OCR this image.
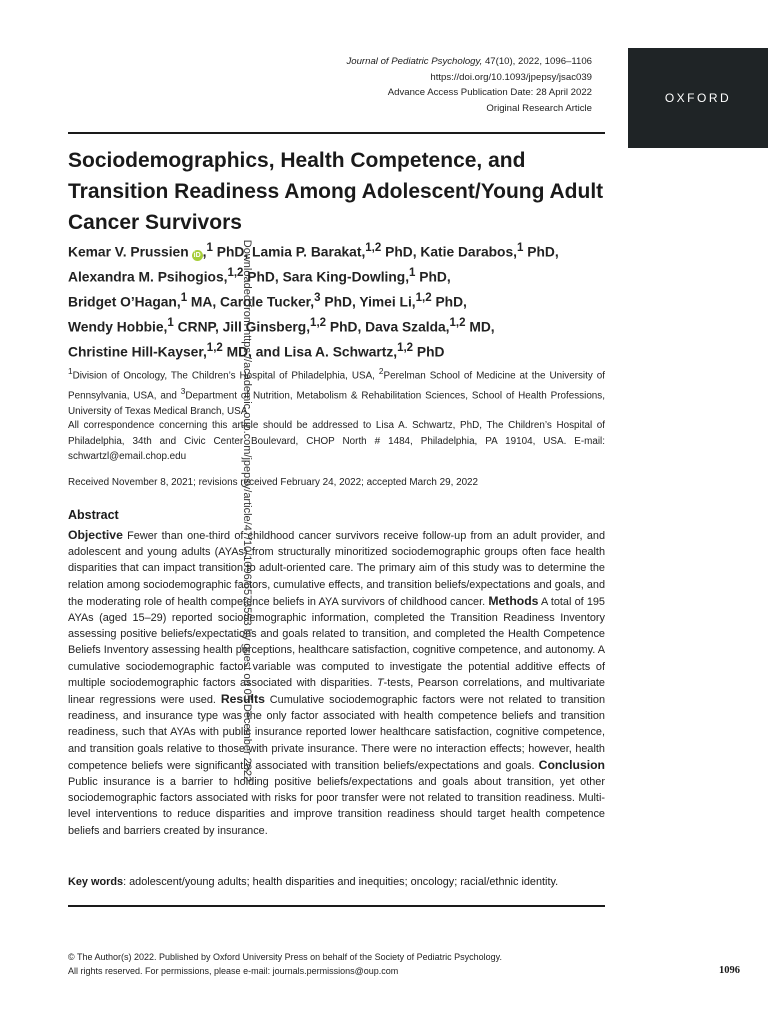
Journal of Pediatric Psychology, 47(10), 2022, 1096–1106
https://doi.org/10.1093/jpepsy/jsac039
Advance Access Publication Date: 28 April 2022
Original Research Article
OXFORD
Sociodemographics, Health Competence, and Transition Readiness Among Adolescent/Young Adult Cancer Survivors
Kemar V. Prussien iD ,$^1$ PhD, Lamia P. Barakat,$^{1,2}$ PhD, Katie Darabos,$^1$ PhD,
Alexandra M. Psihogios,$^{1,2}$ PhD, Sara King-Dowling,$^1$ PhD,
Bridget O’Hagan,$^1$ MA, Carole Tucker,$^3$ PhD, Yimei Li,$^{1,2}$ PhD,
Wendy Hobbie,$^1$ CRNP, Jill Ginsberg,$^{1,2}$ PhD, Dava Szalda,$^{1,2}$ MD,
Christine Hill-Kayser,$^{1,2}$ MD, and Lisa A. Schwartz,$^{1,2}$ PhD

$^1$Division of Oncology, The Children’s Hospital of Philadelphia, USA, $^2$Perelman School of Medicine at the University of Pennsylvania, USA, and $^3$Department of Nutrition, Metabolism & Rehabilitation Sciences, School of Health Professions, University of Texas Medical Branch, USA

All correspondence concerning this article should be addressed to Lisa A. Schwartz, PhD, The Children’s Hospital of Philadelphia, 34th and Civic Center Boulevard, CHOP North # 1484, Philadelphia, PA 19104, USA. E-mail: schwartzl@email.chop.edu

Received November 8, 2021; revisions received February 24, 2022; accepted March 29, 2022

Abstract

Objective Fewer than one-third of childhood cancer survivors receive follow-up from an adult provider, and adolescent and young adults (AYAs) from structurally minoritized sociodemographic groups often face health disparities that can impact transition to adult-oriented care. The primary aim of this study was to determine the relation among sociodemographic factors, cumulative effects, and transition beliefs/expectations and goals, and the moderating role of health competence beliefs in AYA survivors of childhood cancer. Methods A total of 195 AYAs (aged 15–29) reported sociodemographic information, completed the Transition Readiness Inventory assessing positive beliefs/expectations and goals related to transition, and completed the Health Competence Beliefs Inventory assessing health perceptions, healthcare satisfaction, cognitive competence, and autonomy. A cumulative sociodemographic factor variable was computed to investigate the potential additive effects of multiple sociodemographic factors associated with disparities. T-tests, Pearson correlations, and multivariate linear regressions were used. Results Cumulative sociodemographic factors were not related to transition readiness, and insurance type was the only factor associated with health competence beliefs and transition readiness, such that AYAs with public insurance reported lower healthcare satisfaction, cognitive competence, and transition goals relative to those with private insurance. There were no interaction effects; however, health competence beliefs were significantly associated with transition beliefs/expectations and goals. Conclusion Public insurance is a barrier to holding positive beliefs/expectations and goals about transition, yet other sociodemographic factors associated with risks for poor transfer were not related to transition readiness. Multi-level interventions to reduce disparities and improve transition readiness should target health competence beliefs and barriers created by insurance.

Key words: adolescent/young adults; health disparities and inequities; oncology; racial/ethnic identity.

© The Author(s) 2022. Published by Oxford University Press on behalf of the Society of Pediatric Psychology.
All rights reserved. For permissions, please e-mail: journals.permissions@oup.com	1096
Downloaded from https://academic.oup.com/jpepsy/article/47/10/1096/6573553 by guest on 05 December 2022
